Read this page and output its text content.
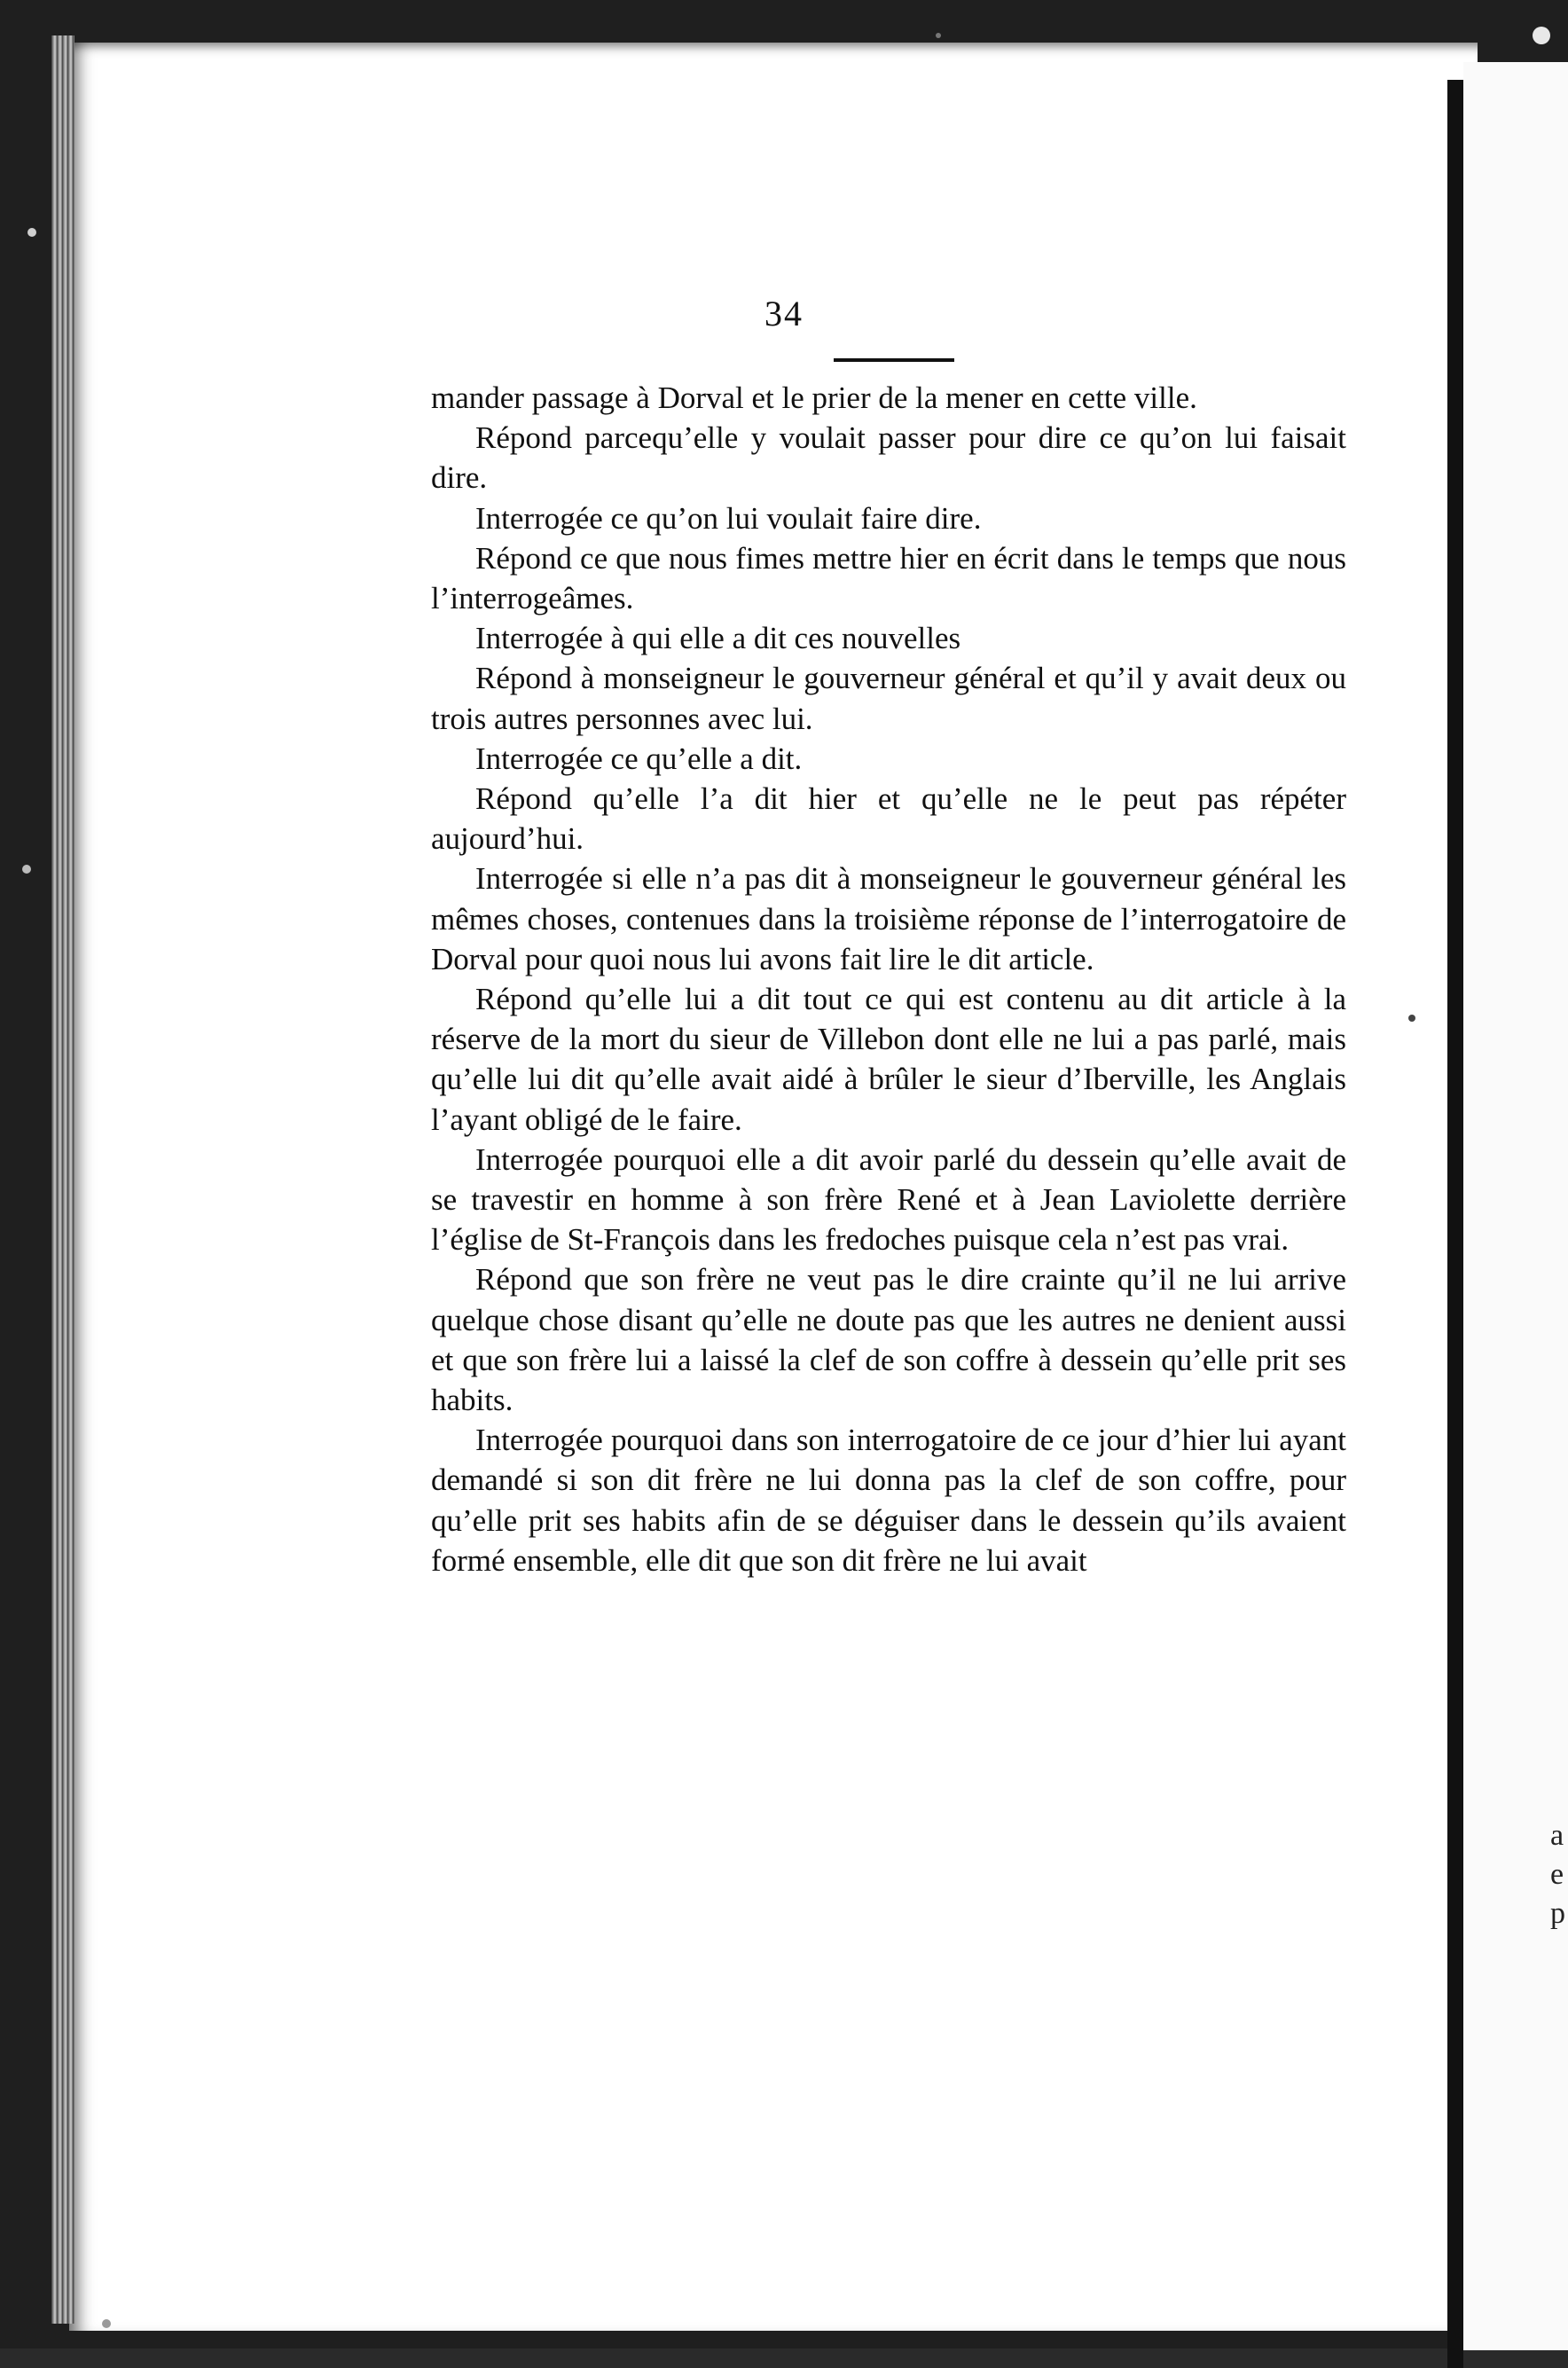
a
e
p
34

mander passage à Dorval et le prier de la mener en cette ville.

Répond parcequ’elle y voulait passer pour dire ce qu’on lui faisait dire.

Interrogée ce qu’on lui voulait faire dire.

Répond ce que nous fimes mettre hier en écrit dans le temps que nous l’interrogeâmes.

Interrogée à qui elle a dit ces nouvelles

Répond à monseigneur le gouverneur général et qu’il y avait deux ou trois autres personnes avec lui.

Interrogée ce qu’elle a dit.

Répond qu’elle l’a dit hier et qu’elle ne le peut pas répéter aujourd’hui.

Interrogée si elle n’a pas dit à monseigneur le gouverneur général les mêmes choses, contenues dans la troisième réponse de l’interrogatoire de Dorval pour quoi nous lui avons fait lire le dit article.

Répond qu’elle lui a dit tout ce qui est contenu au dit article à la réserve de la mort du sieur de Villebon dont elle ne lui a pas parlé, mais qu’elle lui dit qu’elle avait aidé à brûler le sieur d’Iberville, les Anglais l’ayant obligé de le faire.

Interrogée pourquoi elle a dit avoir parlé du dessein qu’elle avait de se travestir en homme à son frère René et à Jean Laviolette derrière l’église de St-François dans les fredoches puisque cela n’est pas vrai.

Répond que son frère ne veut pas le dire crainte qu’il ne lui arrive quelque chose disant qu’elle ne doute pas que les autres ne denient aussi et que son frère lui a laissé la clef de son coffre à dessein qu’elle prit ses habits.

Interrogée pourquoi dans son interrogatoire de ce jour d’hier lui ayant demandé si son dit frère ne lui donna pas la clef de son coffre, pour qu’elle prit ses habits afin de se déguiser dans le dessein qu’ils avaient formé ensemble, elle dit que son dit frère ne lui avait
